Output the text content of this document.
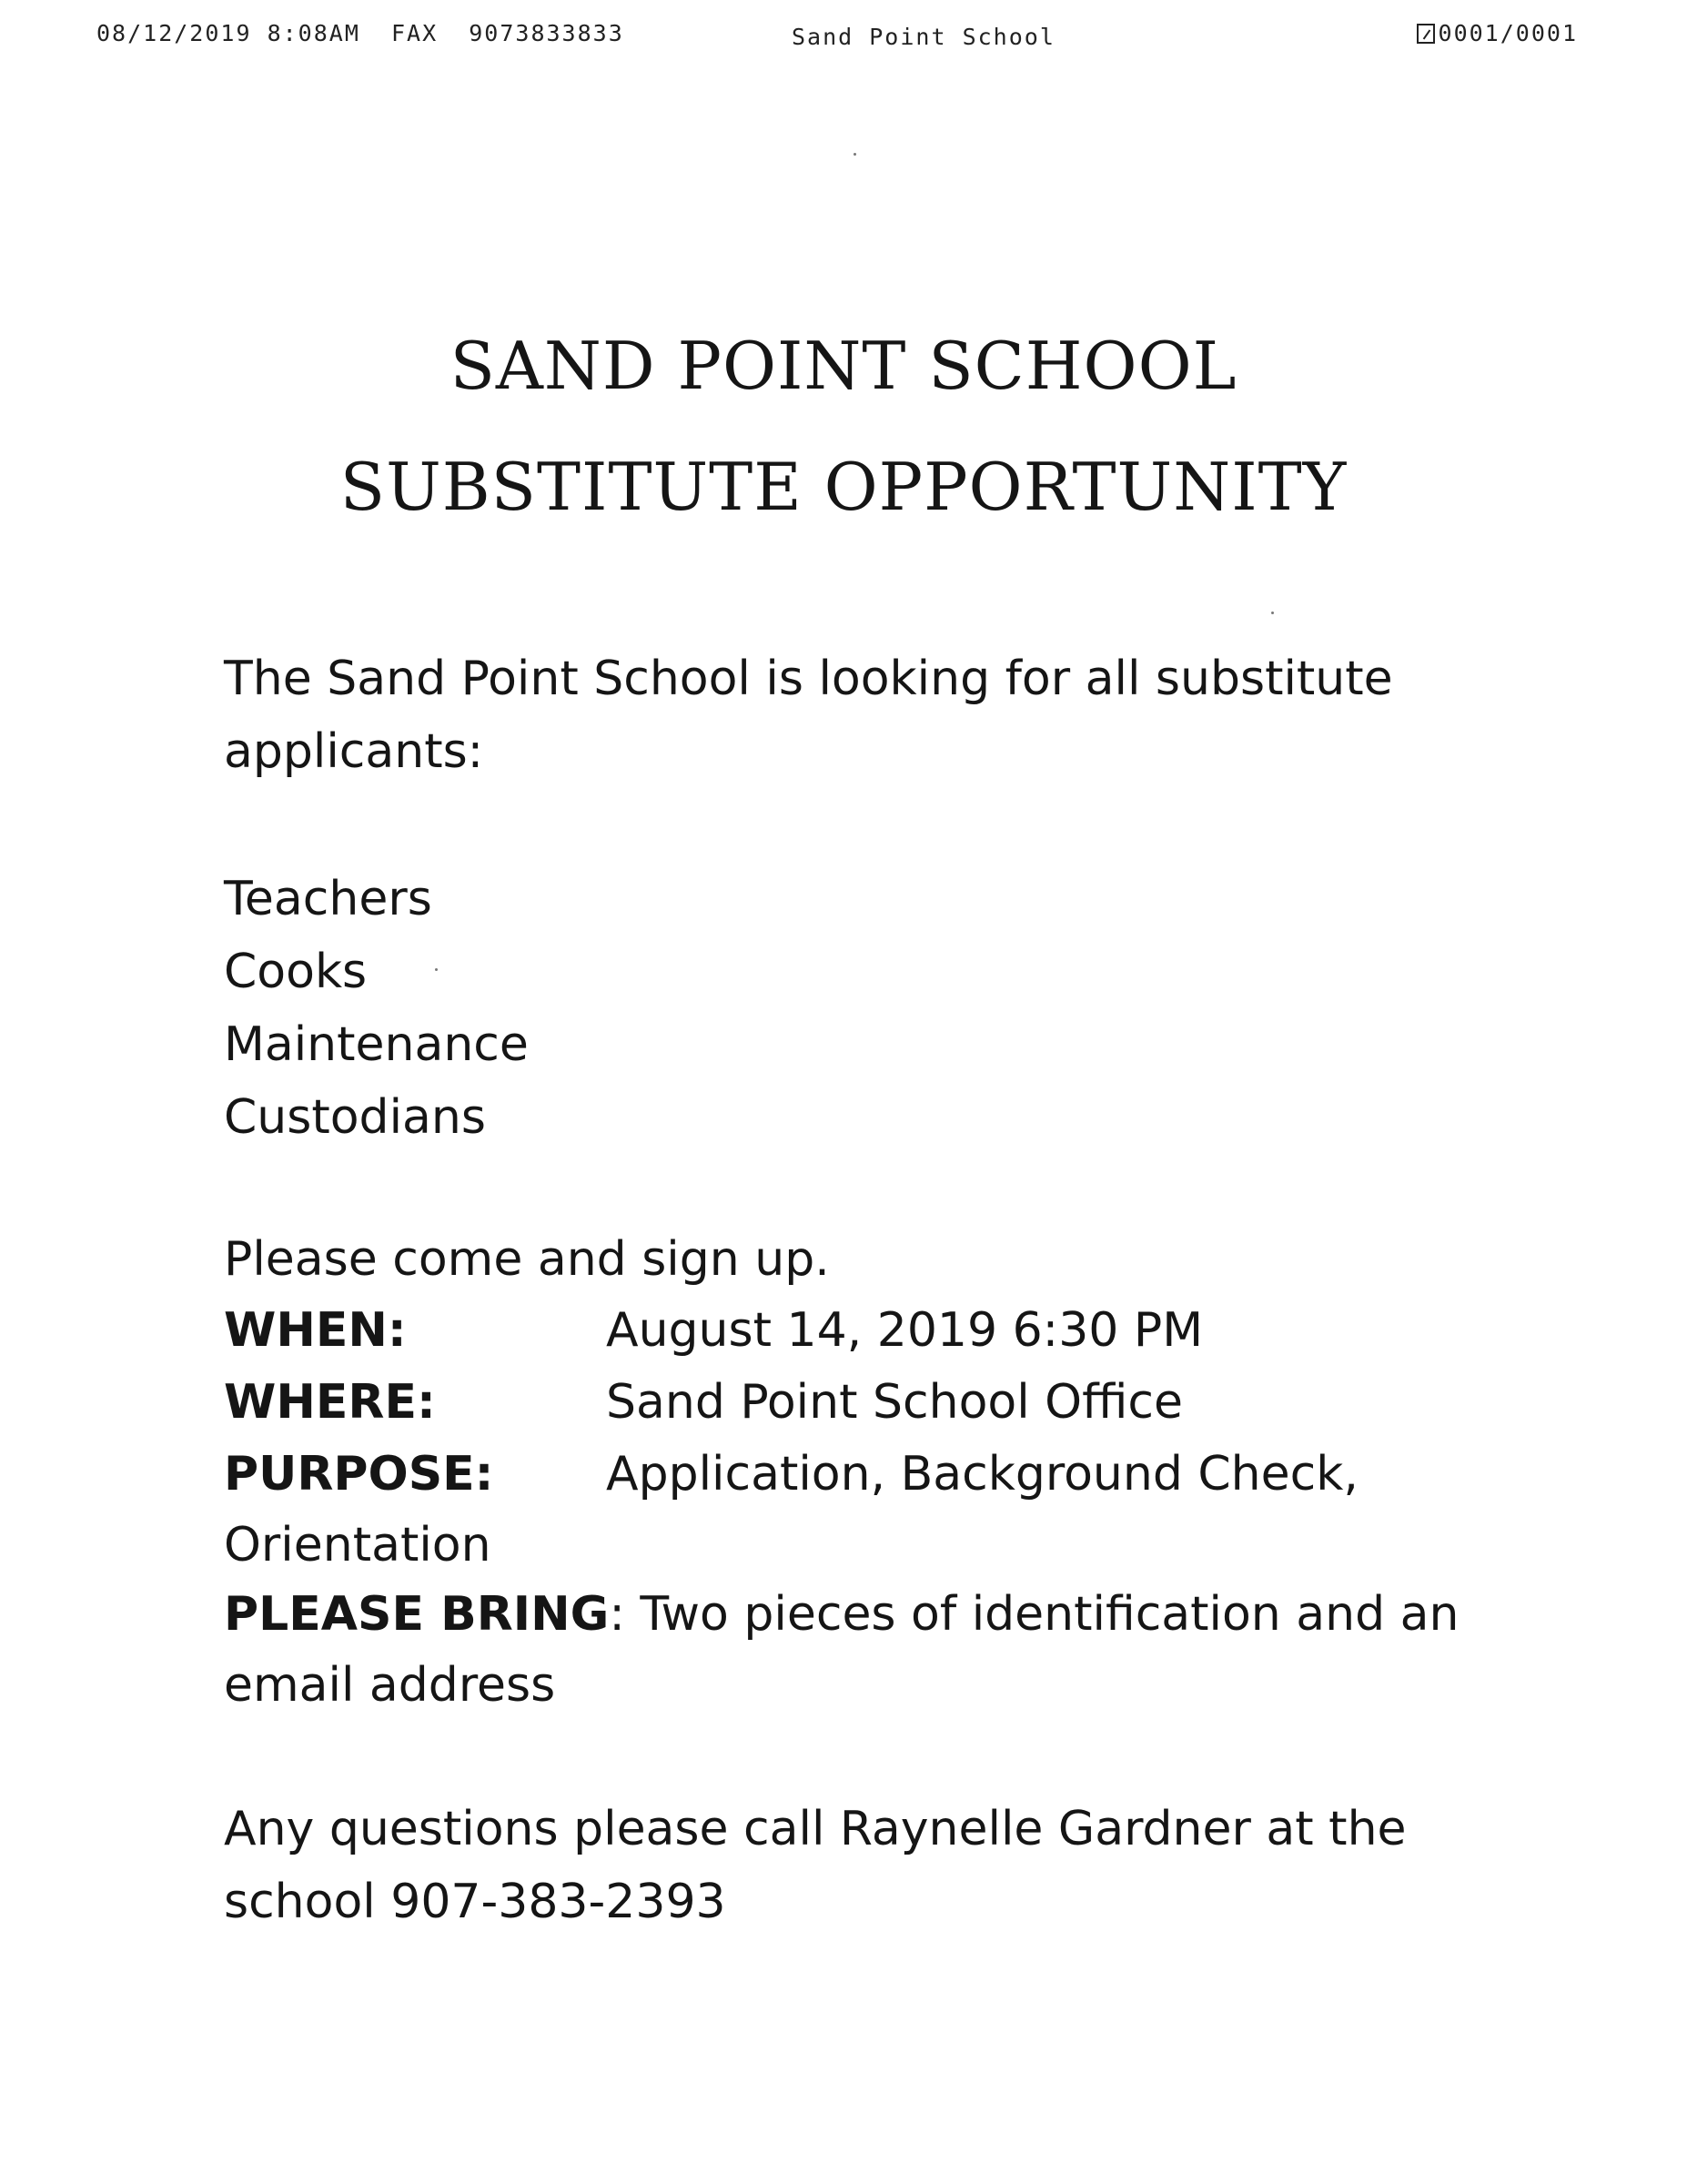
08/12/2019 8:08AM FAX 9073833833	Sand Point School	0001/0001
SAND POINT SCHOOL
SUBSTITUTE OPPORTUNITY
The Sand Point School is looking for all substitute
applicants:
Teachers
Cooks
Maintenance
Custodians
Please come and sign up.
WHEN:	August 14, 2019 6:30 PM
WHERE:	Sand Point School Office
PURPOSE: Application, Background Check,
Orientation
PLEASE BRING: Two pieces of identification and an
email address
Any questions please call Raynelle Gardner at the
school 907-383-2393
